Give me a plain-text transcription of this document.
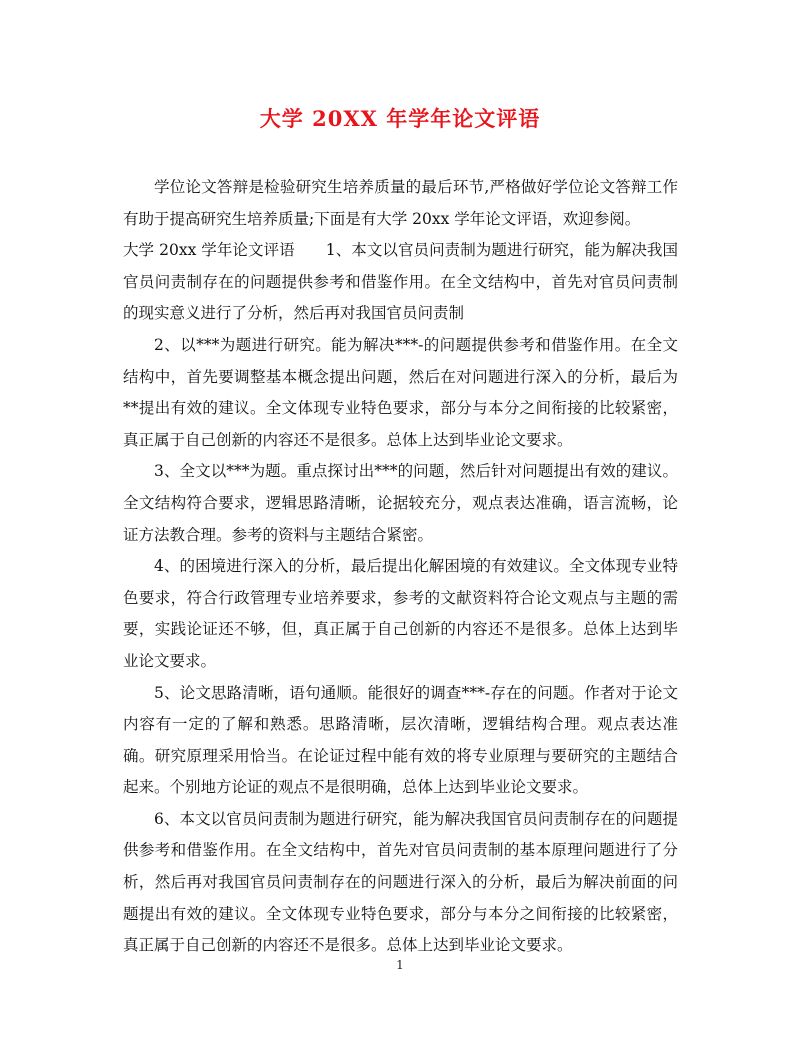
大学 20XX 年学年论文评语

学位论文答辩是检验研究生培养质量的最后环节,严格做好学位论文答辩工作有助于提高研究生培养质量;下面是有大学 20xx 学年论文评语，欢迎参阅。

大学 20xx 学年论文评语　　1、本文以官员问责制为题进行研究，能为解决我国官员问责制存在的问题提供参考和借鉴作用。在全文结构中，首先对官员问责制的现实意义进行了分析，然后再对我国官员问责制

2、以***为题进行研究。能为解决***-的问题提供参考和借鉴作用。在全文结构中，首先要调整基本概念提出问题，然后在对问题进行深入的分析，最后为**提出有效的建议。全文体现专业特色要求，部分与本分之间衔接的比较紧密，真正属于自己创新的内容还不是很多。总体上达到毕业论文要求。

3、全文以***为题。重点探讨出***的问题，然后针对问题提出有效的建议。全文结构符合要求，逻辑思路清晰，论据较充分，观点表达准确，语言流畅，论证方法教合理。参考的资料与主题结合紧密。

4、的困境进行深入的分析，最后提出化解困境的有效建议。全文体现专业特色要求，符合行政管理专业培养要求，参考的文献资料符合论文观点与主题的需要，实践论证还不够，但，真正属于自己创新的内容还不是很多。总体上达到毕业论文要求。

5、论文思路清晰，语句通顺。能很好的调查***-存在的问题。作者对于论文内容有一定的了解和熟悉。思路清晰，层次清晰，逻辑结构合理。观点表达准确。研究原理采用恰当。在论证过程中能有效的将专业原理与要研究的主题结合起来。个别地方论证的观点不是很明确，总体上达到毕业论文要求。

6、本文以官员问责制为题进行研究，能为解决我国官员问责制存在的问题提供参考和借鉴作用。在全文结构中，首先对官员问责制的基本原理问题进行了分析，然后再对我国官员问责制存在的问题进行深入的分析，最后为解决前面的问题提出有效的建议。全文体现专业特色要求，部分与本分之间衔接的比较紧密，真正属于自己创新的内容还不是很多。总体上达到毕业论文要求。

1
